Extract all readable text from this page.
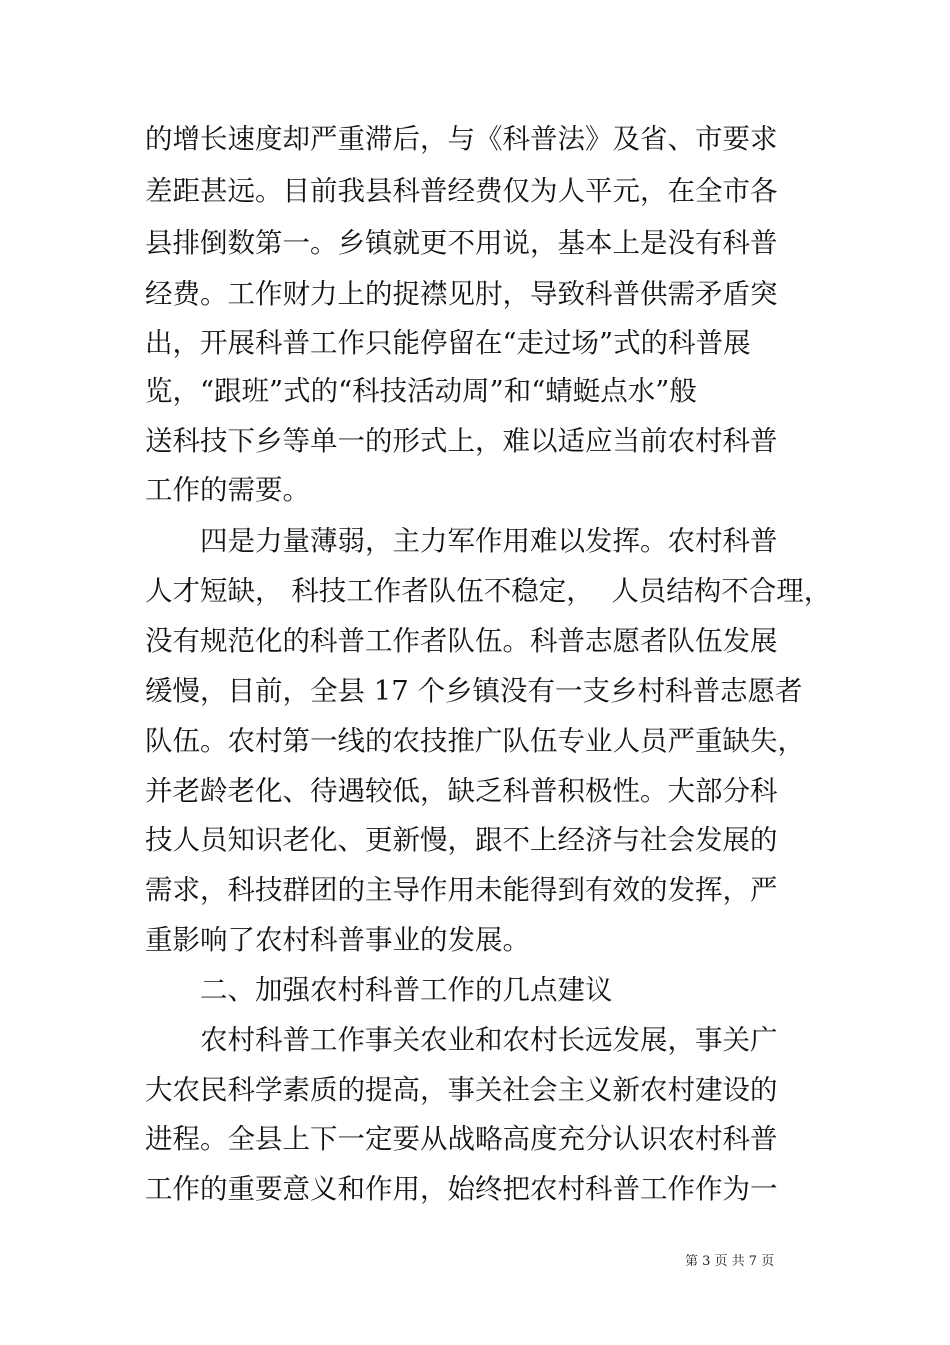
的增长速度却严重滞后，与《科普法》及省、市要求
差距甚远。目前我县科普经费仅为人平元，在全市各
县排倒数第一。乡镇就更不用说，基本上是没有科普
经费。工作财力上的捉襟见肘，导致科普供需矛盾突
出，开展科普工作只能停留在“走过场”式的科普展
览，“跟班”式的“科技活动周”和“蜻蜓点水”般
送科技下乡等单一的形式上，难以适应当前农村科普
工作的需要。
四是力量薄弱，主力军作用难以发挥。农村科普
人才短缺， 科技工作者队伍不稳定，  人员结构不合理，
没有规范化的科普工作者队伍。科普志愿者队伍发展
缓慢，目前，全县 17 个乡镇没有一支乡村科普志愿者
队伍。农村第一线的农技推广队伍专业人员严重缺失，
并老龄老化、待遇较低，缺乏科普积极性。大部分科
技人员知识老化、更新慢，跟不上经济与社会发展的
需求，科技群团的主导作用未能得到有效的发挥，严
重影响了农村科普事业的发展。
二、加强农村科普工作的几点建议
农村科普工作事关农业和农村长远发展，事关广
大农民科学素质的提高，事关社会主义新农村建设的
进程。全县上下一定要从战略高度充分认识农村科普
工作的重要意义和作用，始终把农村科普工作作为一
第 3 页 共 7 页
